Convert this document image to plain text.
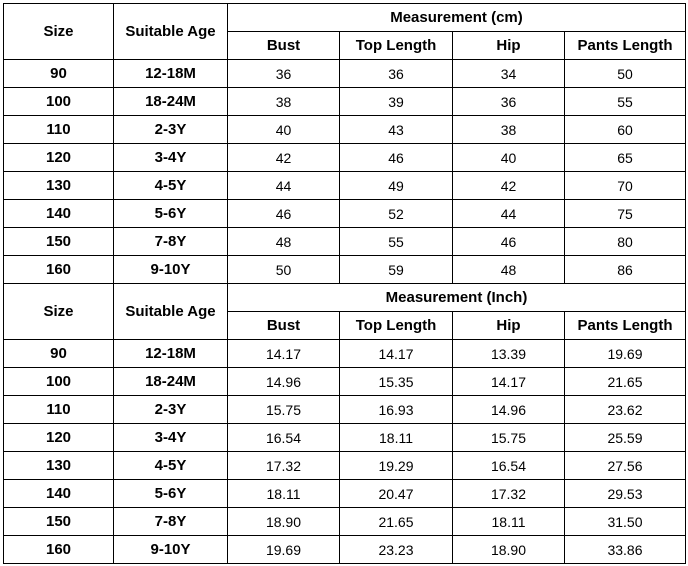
Size	Suitable Age	Measurement (cm)			
		Bust	Top Length	Hip	Pants Length
90	12-18M	36	36	34	50
100	18-24M	38	39	36	55
110	2-3Y	40	43	38	60
120	3-4Y	42	46	40	65
130	4-5Y	44	49	42	70
140	5-6Y	46	52	44	75
150	7-8Y	48	55	46	80
160	9-10Y	50	59	48	86
Size	Suitable Age	Measurement (Inch)			
		Bust	Top Length	Hip	Pants Length
90	12-18M	14.17	14.17	13.39	19.69
100	18-24M	14.96	15.35	14.17	21.65
110	2-3Y	15.75	16.93	14.96	23.62
120	3-4Y	16.54	18.11	15.75	25.59
130	4-5Y	17.32	19.29	16.54	27.56
140	5-6Y	18.11	20.47	17.32	29.53
150	7-8Y	18.90	21.65	18.11	31.50
160	9-10Y	19.69	23.23	18.90	33.86
